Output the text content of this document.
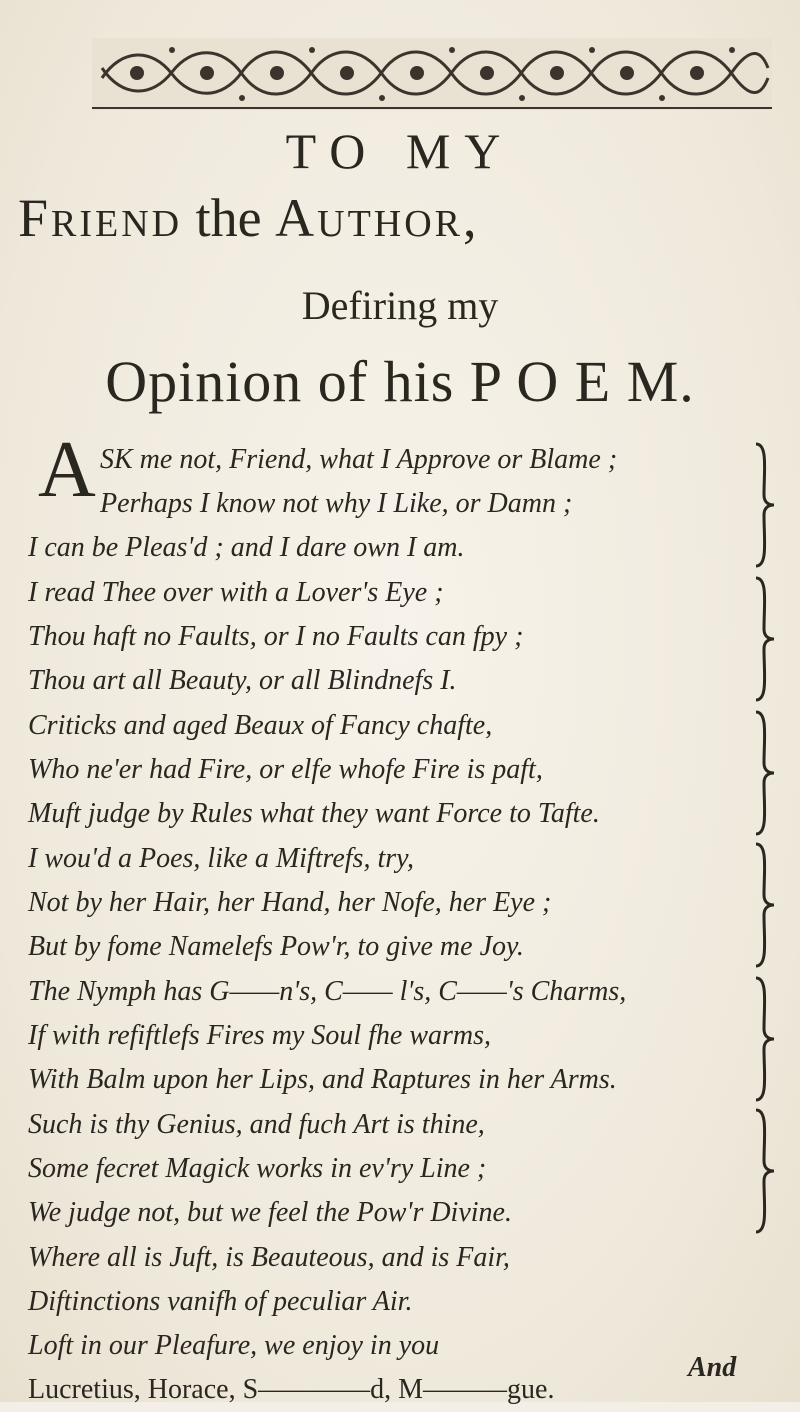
TO MY
Friend the Author,
Defiring my
Opinion of his P O E M.
A SK me not, Friend, what I Approve or Blame ;
Perhaps I know not why I Like, or Damn ;
I can be Pleas'd ; and I dare own I am.
I read Thee over with a Lover's Eye ;
Thou haft no Faults, or I no Faults can fpy ;
Thou art all Beauty, or all Blindnefs I.
Criticks and aged Beaux of Fancy chafte,
Who ne'er had Fire, or elfe whofe Fire is paft,
Muft judge by Rules what they want Force to Tafte.
I wou'd a Poes, like a Miftrefs, try,
Not by her Hair, her Hand, her Nofe, her Eye ;
But by fome Namelefs Pow'r, to give me Joy.
The Nymph has G——n's, C—— l's, C——'s Charms,
If with refiftlefs Fires my Soul fhe warms,
With Balm upon her Lips, and Raptures in her Arms.
Such is thy Genius, and fuch Art is thine,
Some fecret Magick works in ev'ry Line ;
We judge not, but we feel the Pow'r Divine.
Where all is Juft, is Beauteous, and is Fair,
Diftinctions vanifh of peculiar Air.
Loft in our Pleafure, we enjoy in you
Lucretius, Horace, S————d, M———gue.
And
